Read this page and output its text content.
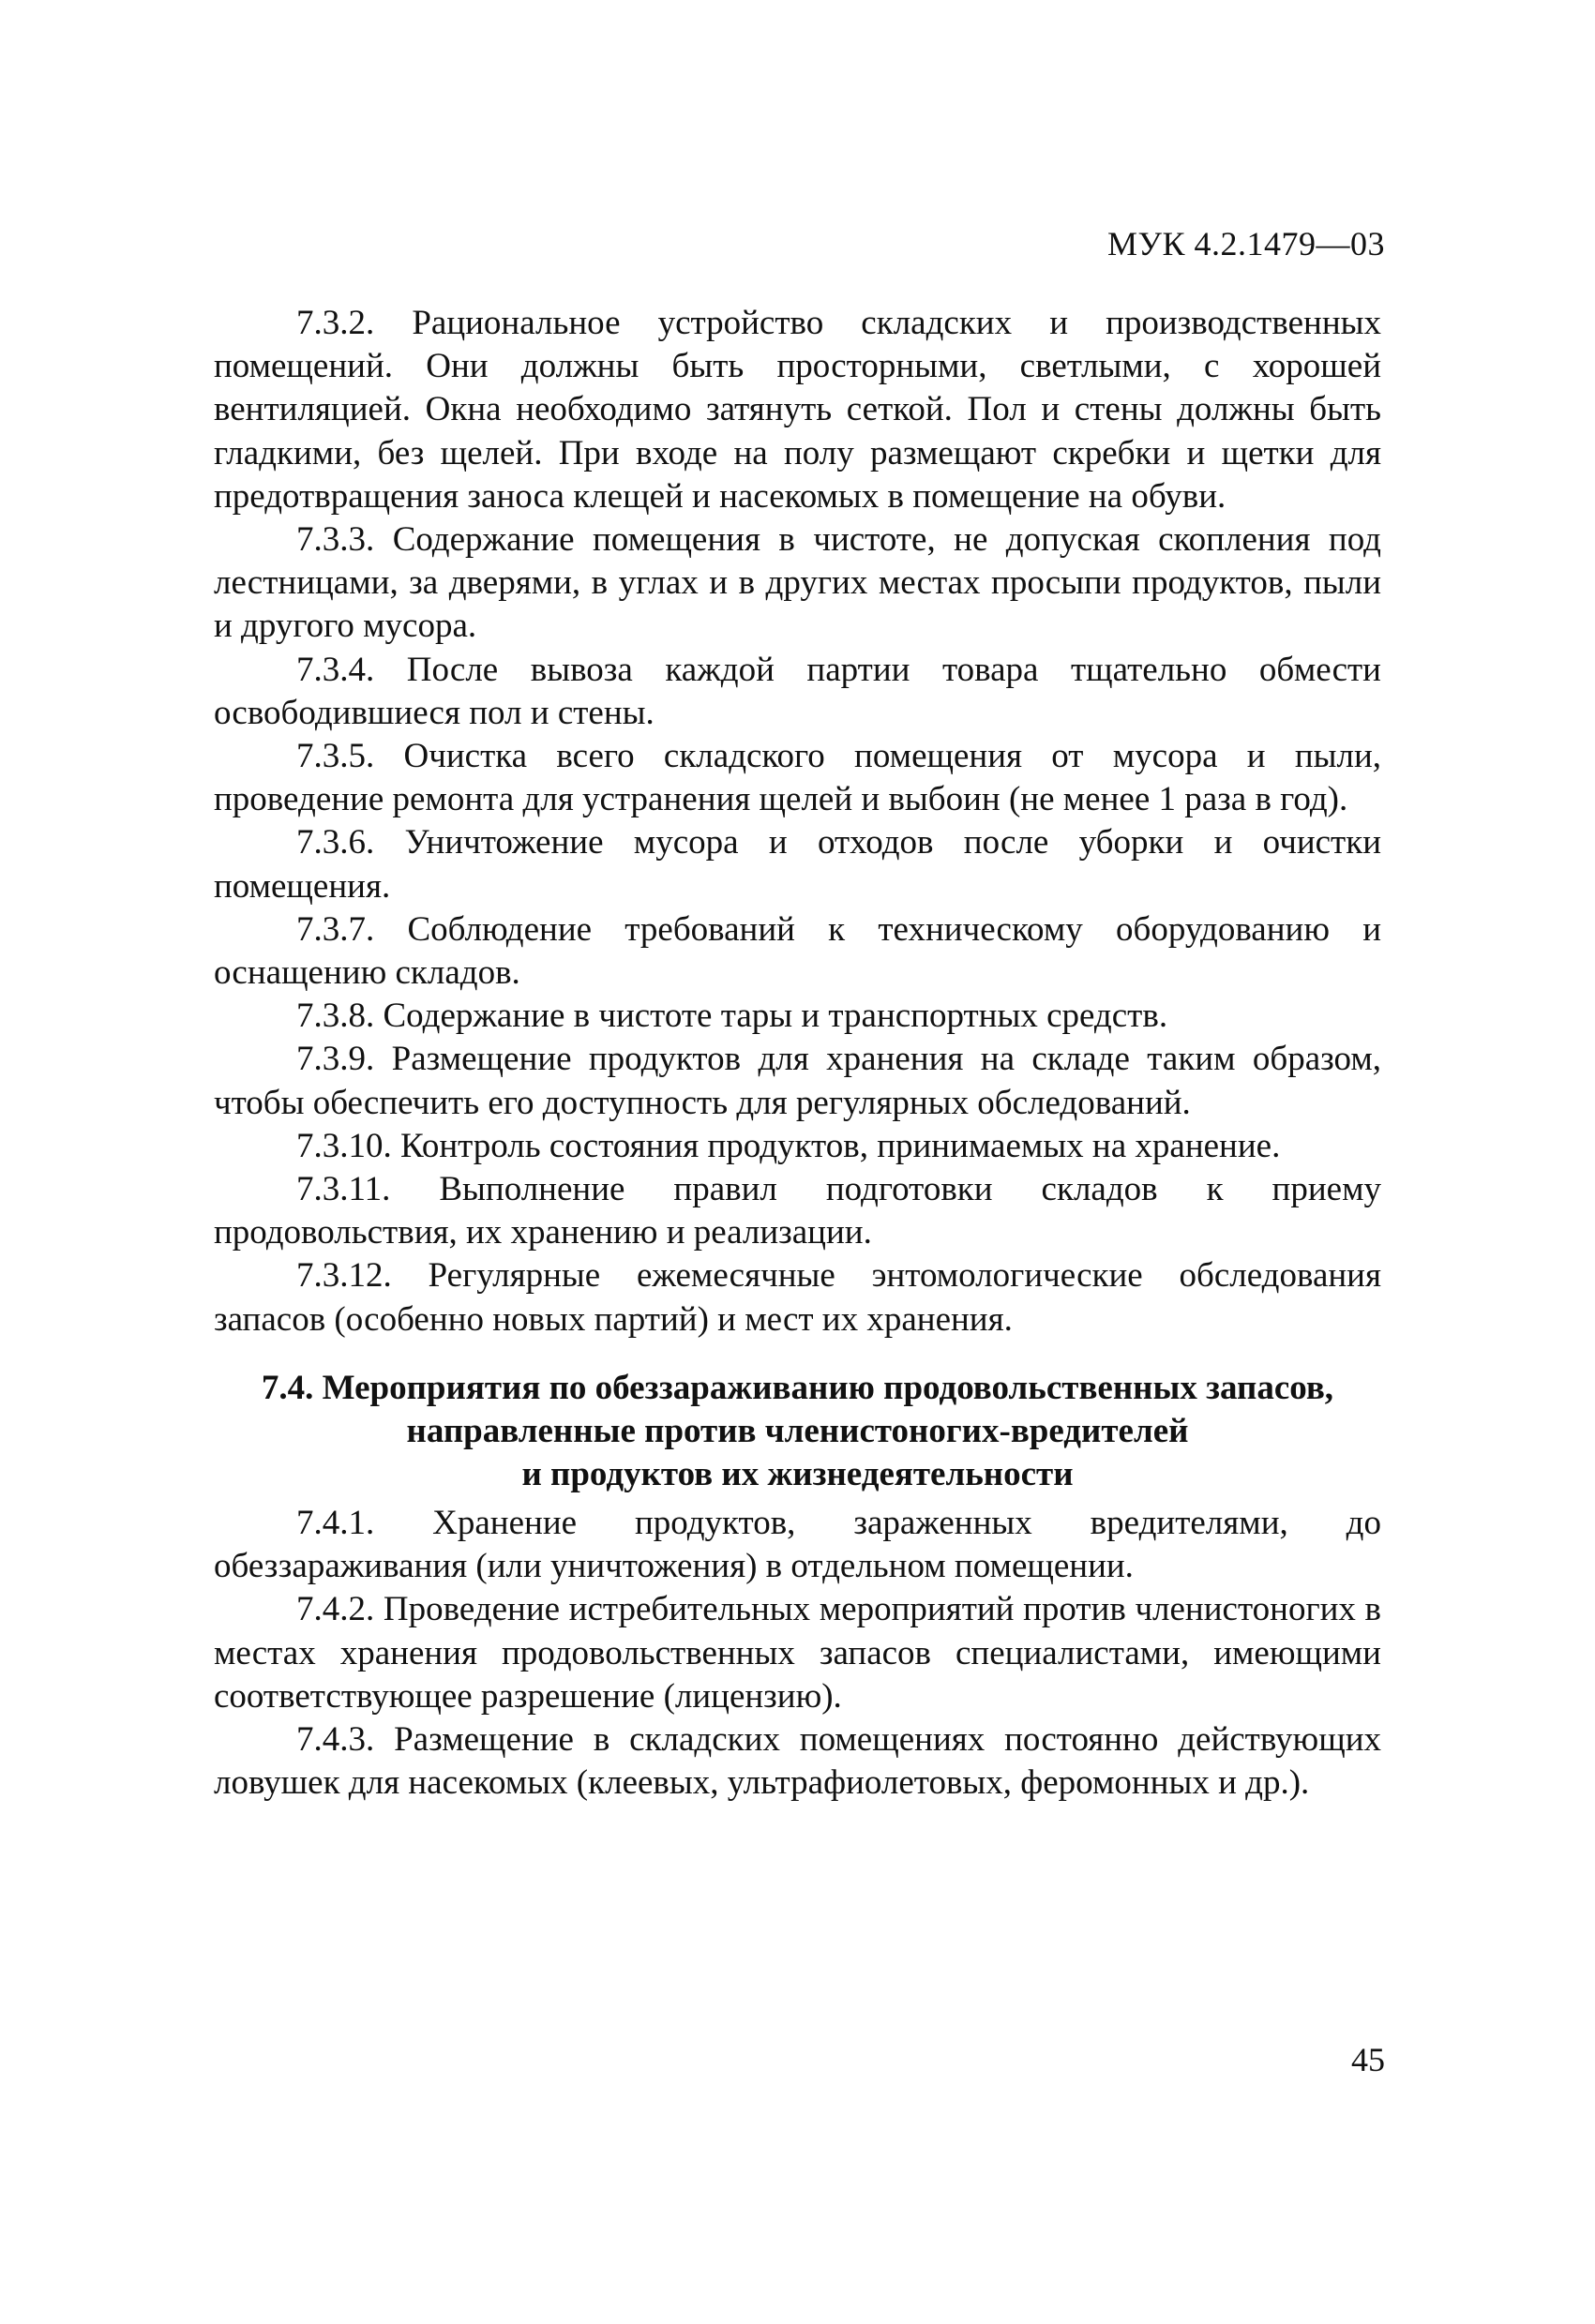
МУК 4.2.1479—03

7.3.2. Рациональное устройство складских и производственных помещений. Они должны быть просторными, светлыми, с хорошей вентиляцией. Окна необходимо затянуть сеткой. Пол и стены должны быть гладкими, без щелей. При входе на полу размещают скребки и щетки для предотвращения заноса клещей и насекомых в помещение на обуви.

7.3.3. Содержание помещения в чистоте, не допуская скопления под лестницами, за дверями, в углах и в других местах просыпи продуктов, пыли и другого мусора.

7.3.4. После вывоза каждой партии товара тщательно обмести освободившиеся пол и стены.

7.3.5. Очистка всего складского помещения от мусора и пыли, проведение ремонта для устранения щелей и выбоин (не менее 1 раза в год).

7.3.6. Уничтожение мусора и отходов после уборки и очистки помещения.

7.3.7. Соблюдение требований к техническому оборудованию и оснащению складов.

7.3.8. Содержание в чистоте тары и транспортных средств.

7.3.9. Размещение продуктов для хранения на складе таким образом, чтобы обеспечить его доступность для регулярных обследований.

7.3.10. Контроль состояния продуктов, принимаемых на хранение.

7.3.11. Выполнение правил подготовки складов к приему продовольствия, их хранению и реализации.

7.3.12. Регулярные ежемесячные энтомологические обследования запасов (особенно новых партий) и мест их хранения.

7.4. Мероприятия по обеззараживанию продовольственных запасов,
направленные против членистоногих-вредителей
и продуктов их жизнедеятельности

7.4.1. Хранение продуктов, зараженных вредителями, до обеззараживания (или уничтожения) в отдельном помещении.

7.4.2. Проведение истребительных мероприятий против членистоногих в местах хранения продовольственных запасов специалистами, имеющими соответствующее разрешение (лицензию).

7.4.3. Размещение в складских помещениях постоянно действующих ловушек для насекомых (клеевых, ультрафиолетовых, феромонных и др.).

45
